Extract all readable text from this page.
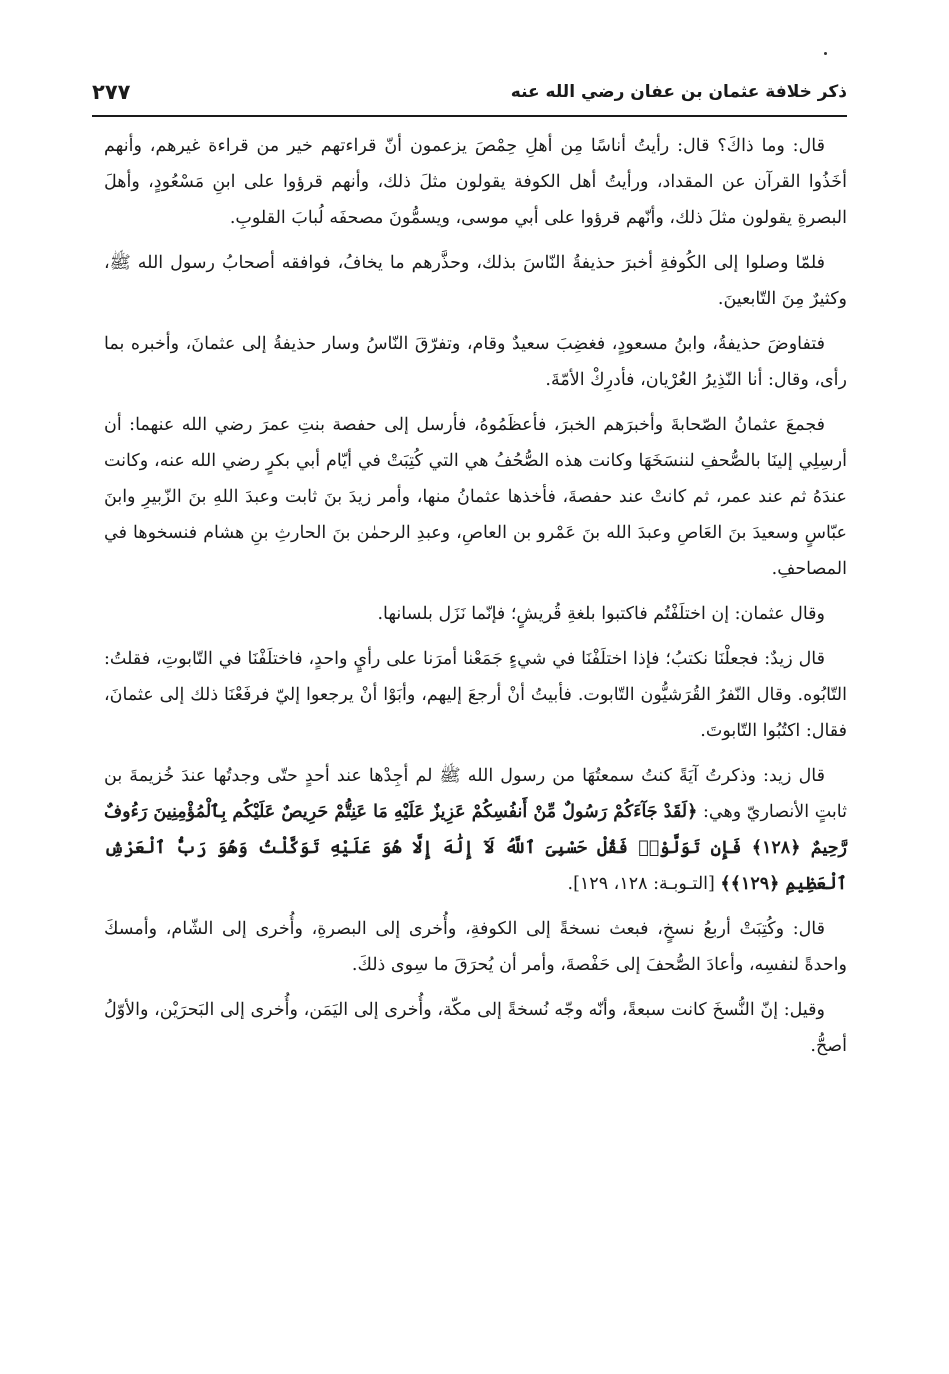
ذكر خلافة عثمان بن عفان رضي الله عنه
٢٧٧

قال: وما ذاكَ؟ قال: رأيتُ أناسًا مِن أهلِ حِمْصَ يزعمون أنّ قراءتهم خير من قراءة غيرهم، وأنهم أخَذُوا القرآن عن المقداد، ورأيتُ أهل الكوفة يقولون مثلَ ذلك، وأنهم قرؤوا على ابنِ مَسْعُودٍ، وأهلَ البصرةِ يقولون مثلَ ذلك، وأنّهم قرؤوا على أبي موسى، ويسمُّونَ مصحفَه لُبابَ القلوبِ.

فلمّا وصلوا إلى الكُوفةِ أخبرَ حذيفةُ النّاسَ بذلك، وحذَّرهم ما يخافُ، فوافقه أصحابُ رسول الله ﷺ، وكثيرٌ مِنَ التّابعينَ.

فتفاوضَ حذيفةُ، وابنُ مسعودٍ، فغضِبَ سعيدٌ وقام، وتفرّقَ النّاسُ وسار حذيفةُ إلى عثمانَ، وأخبره بما رأى، وقال: أنا النّذِيرُ العُرْيان، فأدرِكْ الأمّةَ.

فجمعَ عثمانُ الصّحابةَ وأخبرَهم الخبرَ، فأعظَمُوهُ، فأرسل إلى حفصة بنتِ عمرَ رضي الله عنهما: أن أرسِلِي إلينَا بالصُّحفِ لننسَخَهَا وكانت هذه الصُّحُفُ هي التي كُتِبَتْ في أيّام أبي بكرٍ رضي الله عنه، وكانت عندَهُ ثم عند عمر، ثم كانتْ عند حفصةَ، فأخذها عثمانُ منها، وأمر زيدَ بنَ ثابت وعبدَ اللهِ بنَ الزّبيرِ وابنَ عبّاسٍ وسعيدَ بنَ العَاصِ وعبدَ الله بنَ عَمْرو بن العاصِ، وعبدِ الرحمٰن بنَ الحارثِ بنِ هشام فنسخوها في المصاحفِ.

وقال عثمان: إن اختلَفْتُم فاكتبوا بلغةِ قُريشٍ؛ فإنّما نَزَل بلسانها.

قال زيدٌ: فجعلْنَا نكتبُ؛ فإذا اختلَفْنَا في شيءٍ جَمَعْنا أمرَنا على رأيٍ واحدٍ، فاختلَفْنَا في التّابوتِ، فقلتُ: التّابُوه. وقال النّفرُ القُرَشيُّون التّابوت. فأبيتُ أنْ أرجعَ إليهم، وأبَوْا أنْ يرجعوا إليّ فرفَعْنَا ذلك إلى عثمانَ، فقال: اكتُبُوا التّابوتَ.

قال زيد: وذكرتُ آيَةً كنتُ سمعتُهَا من رسول الله ﷺ لم أجِدْها عند أحدٍ حتّى وجدتُها عندَ خُزيمةَ بن ثابتٍ الأنصاريّ وهي: ﴿لَقَدْ جَآءَكُمْ رَسُولٌ مِّنْ أَنفُسِكُمْ عَزِيزٌ عَلَيْهِ مَا عَنِتُّمْ حَرِيصٌ عَلَيْكُم بِٱلْمُؤْمِنِينَ رَءُوفٌ رَّحِيمٌ ﴿١٢٨﴾ فَإِن تَوَلَّوْا۟ فَقُلْ حَسْبِىَ ٱللَّهُ لَآ إِلَٰهَ إِلَّا هُوَ عَلَيْهِ تَوَكَّلْتُ وَهُوَ رَبُّ ٱلْعَرْشِ ٱلْعَظِيمِ ﴿١٢٩﴾﴾ [التـوبـة: ١٢٨، ١٢٩].

قال: وكُتِبَتْ أربعُ نسخٍ، فبعث نسخةً إلى الكوفةِ، وأُخرى إلى البصرةِ، وأُخرى إلى الشّام، وأمسكَ واحدةً لنفسِه، وأعادَ الصُّحفَ إلى حَفْصةَ، وأمر أن يُحرَقَ ما سِوى ذلكَ.

وقيل: إنّ النُّسخَ كانت سبعةً، وأنّه وجّه نُسخةً إلى مكّة، وأُخرى إلى اليَمَن، وأُخرى إلى البَحرَيْن، والأوّلُ أصحُّ.
